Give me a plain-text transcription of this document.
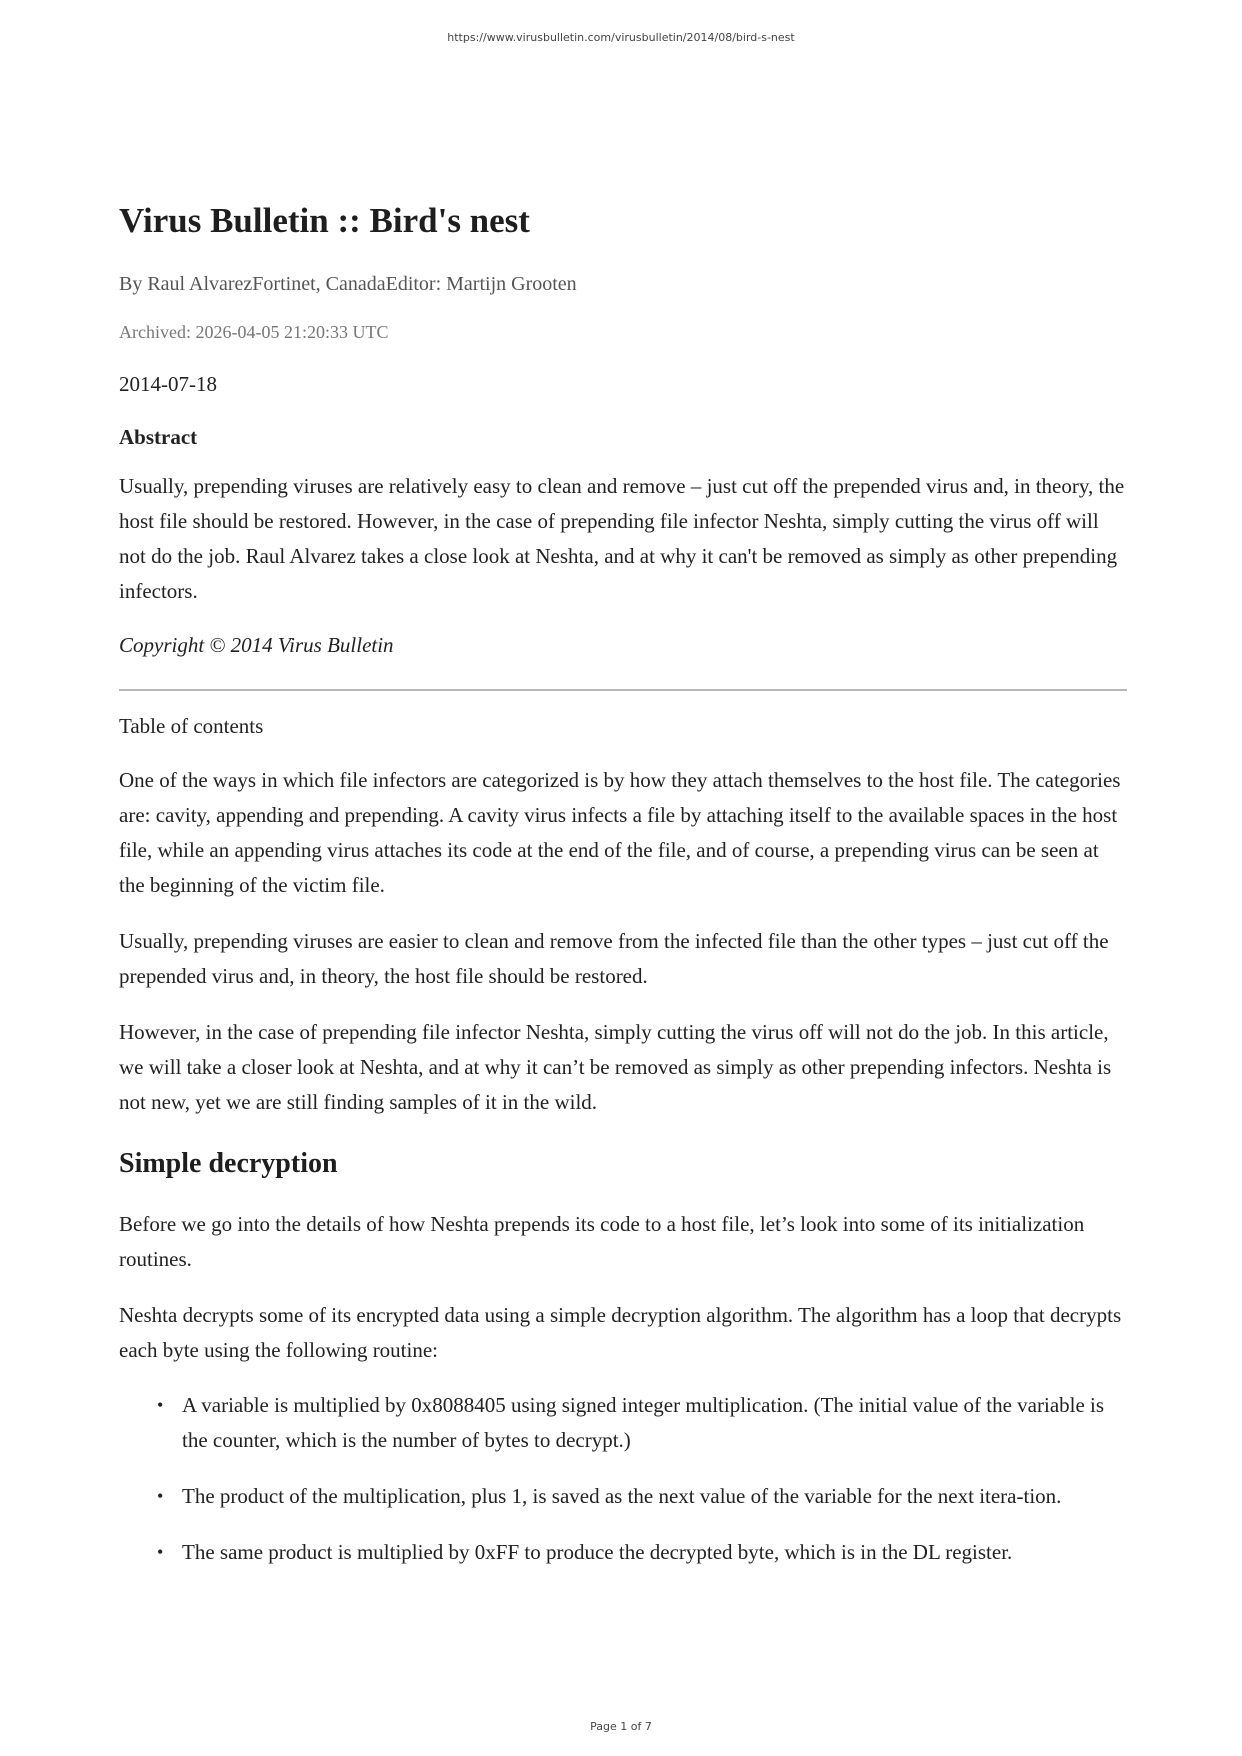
https://www.virusbulletin.com/virusbulletin/2014/08/bird-s-nest
Virus Bulletin :: Bird's nest
By Raul AlvarezFortinet, CanadaEditor: Martijn Grooten
Archived: 2026-04-05 21:20:33 UTC
2014-07-18
Abstract

Usually, prepending viruses are relatively easy to clean and remove – just cut off the prepended virus and, in theory, the host file should be restored. However, in the case of prepending file infector Neshta, simply cutting the virus off will not do the job. Raul Alvarez takes a close look at Neshta, and at why it can't be removed as simply as other prepending infectors.

Copyright © 2014 Virus Bulletin

Table of contents

One of the ways in which file infectors are categorized is by how they attach themselves to the host file. The categories are: cavity, appending and prepending. A cavity virus infects a file by attaching itself to the available spaces in the host file, while an appending virus attaches its code at the end of the file, and of course, a prepending virus can be seen at the beginning of the victim file.

Usually, prepending viruses are easier to clean and remove from the infected file than the other types – just cut off the prepended virus and, in theory, the host file should be restored.

However, in the case of prepending file infector Neshta, simply cutting the virus off will not do the job. In this article, we will take a closer look at Neshta, and at why it can’t be removed as simply as other prepending infectors. Neshta is not new, yet we are still finding samples of it in the wild.

Simple decryption

Before we go into the details of how Neshta prepends its code to a host file, let’s look into some of its initialization routines.

Neshta decrypts some of its encrypted data using a simple decryption algorithm. The algorithm has a loop that decrypts each byte using the following routine:

• A variable is multiplied by 0x8088405 using signed integer multiplication. (The initial value of the variable is the counter, which is the number of bytes to decrypt.)
• The product of the multiplication, plus 1, is saved as the next value of the variable for the next itera-tion.
• The same product is multiplied by 0xFF to produce the decrypted byte, which is in the DL register.
Page 1 of 7
